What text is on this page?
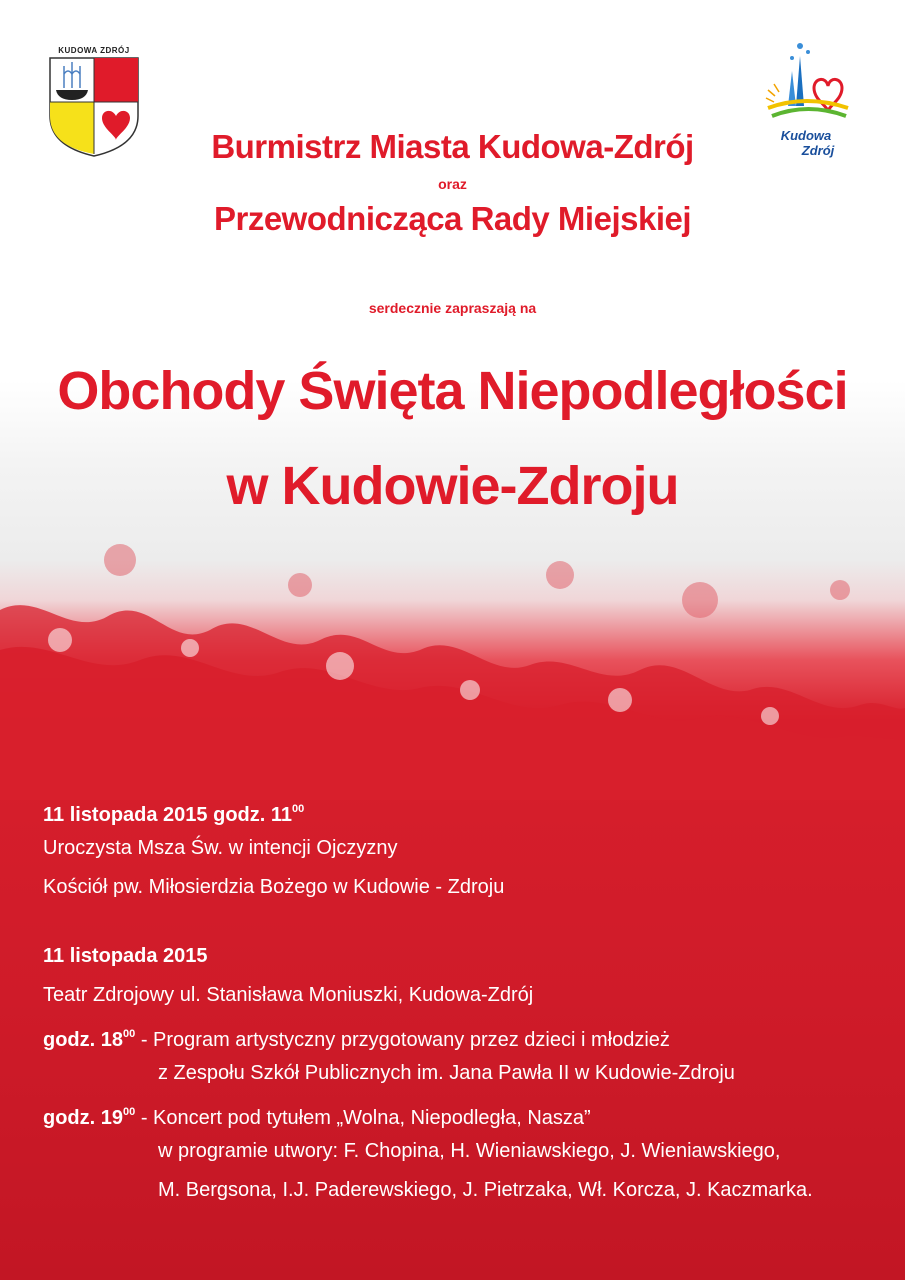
KUDOWA ZDRÓJ
Kudowa
Zdrój
Burmistrz Miasta Kudowa-Zdrój
oraz
Przewodnicząca Rady Miejskiej
serdecznie zapraszają na
Obchody Święta Niepodległości
w Kudowie-Zdroju
11 listopada 2015 godz. $11^{00}$
Uroczysta Msza Św. w intencji Ojczyzny
Kościół pw. Miłosierdzia Bożego w Kudowie - Zdroju
11 listopada 2015
Teatr Zdrojowy ul. Stanisława Moniuszki, Kudowa-Zdrój
godz. $18^{00}$ - Program artystyczny przygotowany przez dzieci i młodzież
z Zespołu Szkół Publicznych im. Jana Pawła II w Kudowie-Zdroju
godz. $19^{00}$ - Koncert pod tytułem „Wolna, Niepodległa, Nasza”
w programie utwory: F. Chopina, H. Wieniawskiego, J. Wieniawskiego,
M. Bergsona, I.J. Paderewskiego, J. Pietrzaka, Wł. Korcza, J. Kaczmarka.
